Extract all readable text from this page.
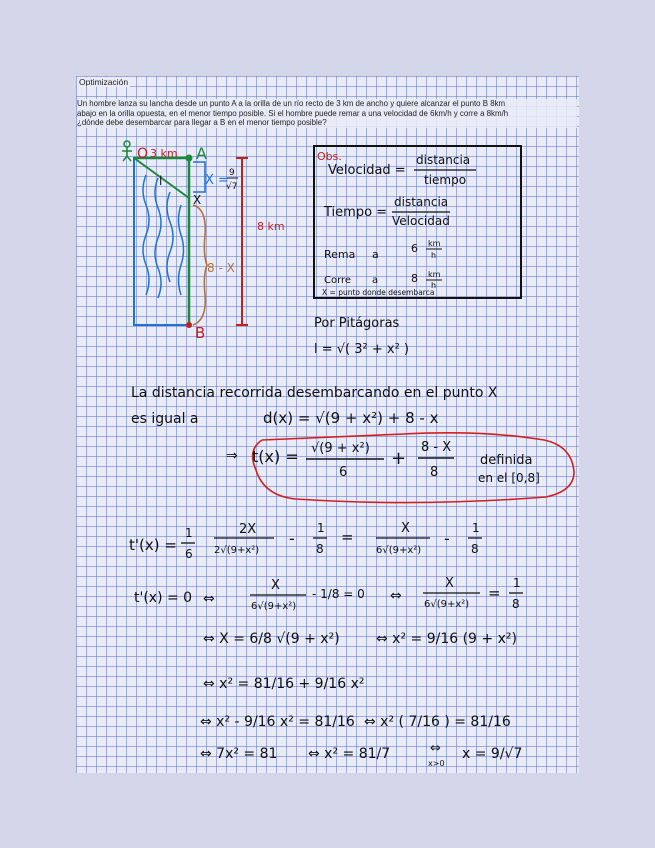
Optimización
Un hombre lanza su lancha desde un punto A a la orilla de un río recto de 3 km de ancho y quiere alcanzar el punto B 8km
abajo en la orilla opuesta, en el menor tiempo posible. Si el hombre puede remar a una velocidad de 6km/h y corre a 8km/h
¿dónde debe desembarcar para llegar a B en el menor tiempo posible?
O 3 km A
l	X = 9
√7
X
8 - X
8 km
B
Obs.
Velocidad =
distancia
tiempo
Tiempo =
distancia
Velocidad
Rema a	6 km
h
Corre a	8 km
h
X = punto donde desembarca
Por Pitágoras
l = √( 3² + x² )
La distancia recorrida desembarcando en el punto X
es igual a	d(x) = √(9 + x²) + 8 - x
⇒ t(x) = √(9 + x²)
6
+
8 - X
8
definida
en el [0,8]
t'(x) =
1
6
2X
2√(9+x²)
-
1
8
=	X
6√(9+x²)
-
1
8
t'(x) = 0 ⇔
X
6√(9+x²)
- 1/8 = 0 ⇔
X
6√(9+x²)
=
1
8
⇔ X = 6/8 √(9 + x²)	⇔ x² = 9/16 (9 + x²)
⇔ x² = 81/16 + 9/16 x²
⇔ x² - 9/16 x² = 81/16 ⇔ x² ( 7/16 ) = 81/16
⇔ 7x² = 81 ⇔ x² = 81/7	⇔
x>0
x = 9/√7
